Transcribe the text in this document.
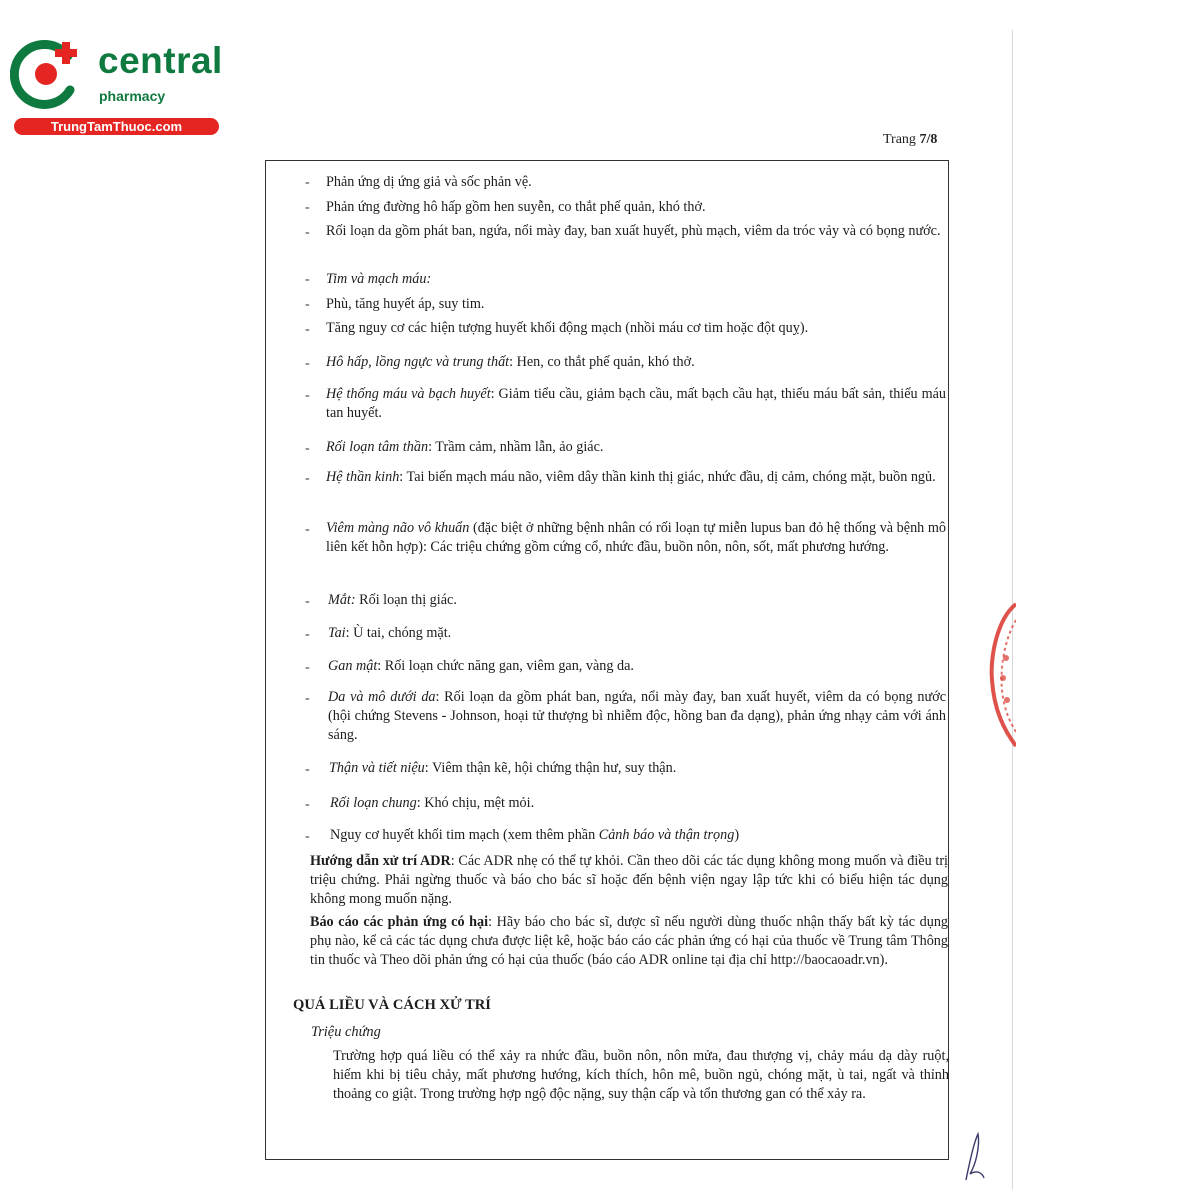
central
pharmacy
TrungTamThuoc.com
Trang 7/8
- Phản ứng dị ứng giả và sốc phản vệ.
- Phản ứng đường hô hấp gồm hen suyễn, co thắt phế quản, khó thở.
- Rối loạn da gồm phát ban, ngứa, nổi mày đay, ban xuất huyết, phù mạch, viêm da tróc vảy và có bọng nước.
- Tim và mạch máu:
- Phù, tăng huyết áp, suy tim.
- Tăng nguy cơ các hiện tượng huyết khối động mạch (nhồi máu cơ tim hoặc đột quỵ).
- Hô hấp, lồng ngực và trung thất: Hen, co thắt phế quản, khó thở.
- Hệ thống máu và bạch huyết: Giảm tiểu cầu, giảm bạch cầu, mất bạch cầu hạt, thiếu máu bất sản, thiếu máu tan huyết.
- Rối loạn tâm thần: Trầm cảm, nhầm lẫn, ảo giác.
- Hệ thần kinh: Tai biến mạch máu não, viêm dây thần kinh thị giác, nhức đầu, dị cảm, chóng mặt, buồn ngủ.
- Viêm màng não vô khuẩn (đặc biệt ở những bệnh nhân có rối loạn tự miễn lupus ban đỏ hệ thống và bệnh mô liên kết hỗn hợp): Các triệu chứng gồm cứng cổ, nhức đầu, buồn nôn, nôn, sốt, mất phương hướng.
- Mắt: Rối loạn thị giác.
- Tai: Ù tai, chóng mặt.
- Gan mật: Rối loạn chức năng gan, viêm gan, vàng da.
- Da và mô dưới da: Rối loạn da gồm phát ban, ngứa, nổi mày đay, ban xuất huyết, viêm da có bọng nước (hội chứng Stevens - Johnson, hoại tử thượng bì nhiễm độc, hồng ban đa dạng), phản ứng nhạy cảm với ánh sáng.
- Thận và tiết niệu: Viêm thận kẽ, hội chứng thận hư, suy thận.
- Rối loạn chung: Khó chịu, mệt mỏi.
- Nguy cơ huyết khối tim mạch (xem thêm phần Cảnh báo và thận trọng)
Hướng dẫn xử trí ADR: Các ADR nhẹ có thể tự khỏi. Cần theo dõi các tác dụng không mong muốn và điều trị triệu chứng. Phải ngừng thuốc và báo cho bác sĩ hoặc đến bệnh viện ngay lập tức khi có biểu hiện tác dụng không mong muốn nặng.
Báo cáo các phản ứng có hại: Hãy báo cho bác sĩ, dược sĩ nếu người dùng thuốc nhận thấy bất kỳ tác dụng phụ nào, kể cả các tác dụng chưa được liệt kê, hoặc báo cáo các phản ứng có hại của thuốc về Trung tâm Thông tin thuốc và Theo dõi phản ứng có hại của thuốc (báo cáo ADR online tại địa chỉ http://baocaoadr.vn).
QUÁ LIỀU VÀ CÁCH XỬ TRÍ
Triệu chứng
Trường hợp quá liều có thể xảy ra nhức đầu, buồn nôn, nôn mửa, đau thượng vị, chảy máu dạ dày ruột, hiếm khi bị tiêu chảy, mất phương hướng, kích thích, hôn mê, buồn ngủ, chóng mặt, ù tai, ngất và thỉnh thoảng co giật. Trong trường hợp ngộ độc nặng, suy thận cấp và tổn thương gan có thể xảy ra.
